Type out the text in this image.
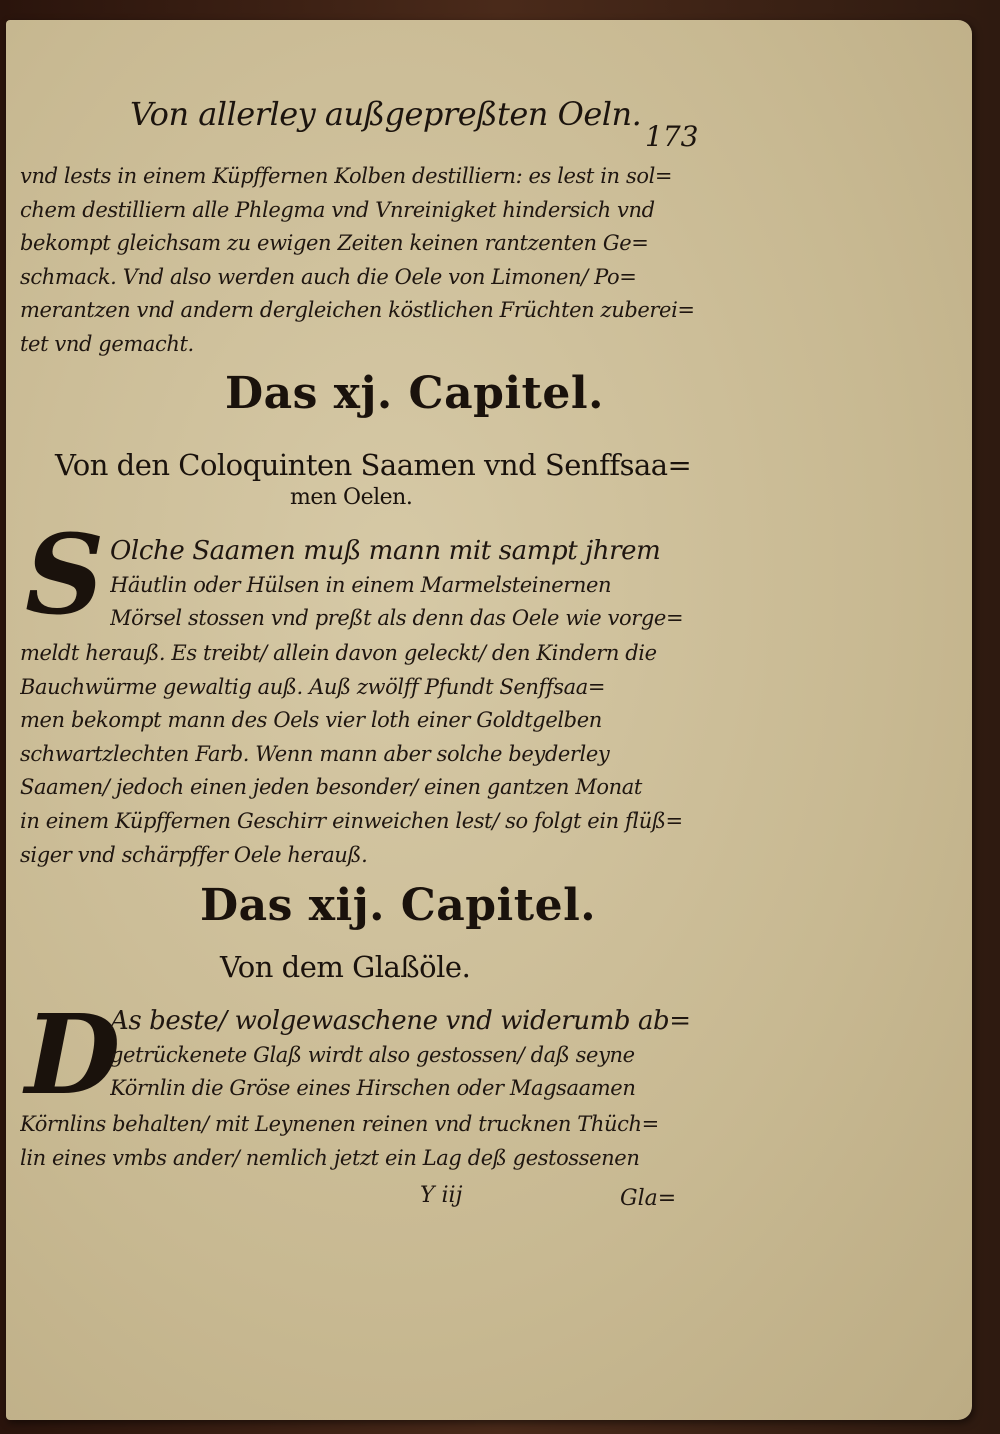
Von allerley außgepreßten Oeln.
173
vnd lests in einem Küpffernen Kolben destilliern: es lest in sol=
chem destilliern alle Phlegma vnd Vnreinigket hindersich vnd
bekompt gleichsam zu ewigen Zeiten keinen rantzenten Ge=
schmack. Vnd also werden auch die Oele von Limonen/ Po=
merantzen vnd andern dergleichen köstlichen Früchten zuberei=
tet vnd gemacht.
Das xj. Capitel.
Von den Coloquinten Saamen vnd Senffsaa=
men Oelen.
S Olche Saamen muß mann mit sampt jhrem
Häutlin oder Hülsen in einem Marmelsteinernen
Mörsel stossen vnd preßt als denn das Oele wie vorge=
meldt herauß. Es treibt/ allein davon geleckt/ den Kindern die
Bauchwürme gewaltig auß. Auß zwölff Pfundt Senffsaa=
men bekompt mann des Oels vier loth einer Goldtgelben
schwartzlechten Farb. Wenn mann aber solche beyderley
Saamen/ jedoch einen jeden besonder/ einen gantzen Monat
in einem Küpffernen Geschirr einweichen lest/ so folgt ein flüß=
siger vnd schärpffer Oele herauß.
Das xij. Capitel.
Von dem Glaßöle.
D
As beste/ wolgewaschene vnd widerumb ab=
getrückenete Glaß wirdt also gestossen/ daß seyne
Körnlin die Gröse eines Hirschen oder Magsaamen
Körnlins behalten/ mit Leynenen reinen vnd trucknen Thüch=
lin eines vmbs ander/ nemlich jetzt ein Lag deß gestossenen
Y iij	Gla=
